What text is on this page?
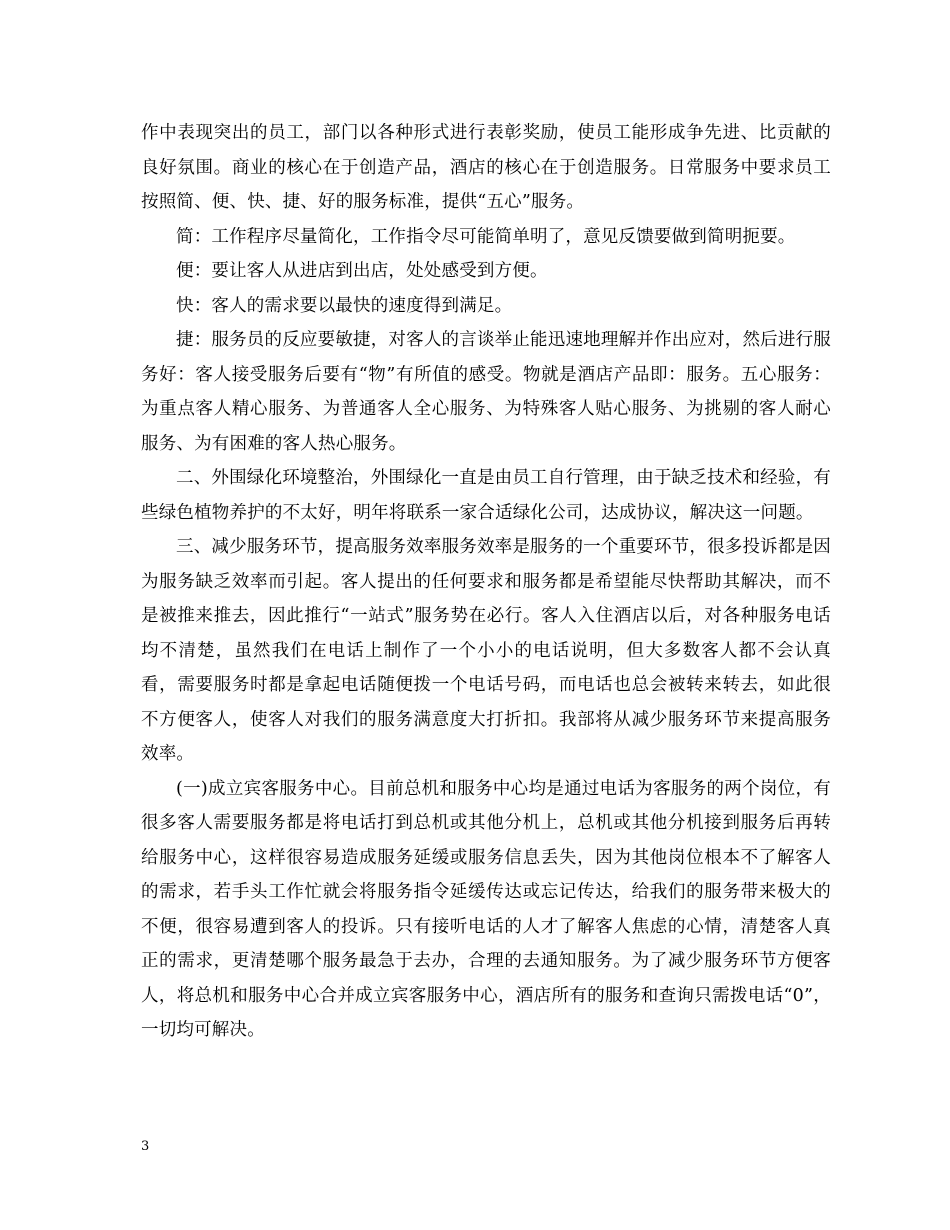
作中表现突出的员工，部门以各种形式进行表彰奖励，使员工能形成争先进、比贡献的良好氛围。商业的核心在于创造产品，酒店的核心在于创造服务。日常服务中要求员工按照简、便、快、捷、好的服务标准，提供“五心”服务。

简：工作程序尽量简化，工作指令尽可能简单明了，意见反馈要做到简明扼要。

便：要让客人从进店到出店，处处感受到方便。

快：客人的需求要以最快的速度得到满足。

捷：服务员的反应要敏捷，对客人的言谈举止能迅速地理解并作出应对，然后进行服务好：客人接受服务后要有“物”有所值的感受。物就是酒店产品即：服务。五心服务：为重点客人精心服务、为普通客人全心服务、为特殊客人贴心服务、为挑剔的客人耐心服务、为有困难的客人热心服务。

二、外围绿化环境整治，外围绿化一直是由员工自行管理，由于缺乏技术和经验，有些绿色植物养护的不太好，明年将联系一家合适绿化公司，达成协议，解决这一问题。

三、减少服务环节，提高服务效率服务效率是服务的一个重要环节，很多投诉都是因为服务缺乏效率而引起。客人提出的任何要求和服务都是希望能尽快帮助其解决，而不是被推来推去，因此推行“一站式”服务势在必行。客人入住酒店以后，对各种服务电话均不清楚，虽然我们在电话上制作了一个小小的电话说明，但大多数客人都不会认真看，需要服务时都是拿起电话随便拨一个电话号码，而电话也总会被转来转去，如此很不方便客人，使客人对我们的服务满意度大打折扣。我部将从减少服务环节来提高服务效率。

(一)成立宾客服务中心。目前总机和服务中心均是通过电话为客服务的两个岗位，有很多客人需要服务都是将电话打到总机或其他分机上，总机或其他分机接到服务后再转给服务中心，这样很容易造成服务延缓或服务信息丢失，因为其他岗位根本不了解客人的需求，若手头工作忙就会将服务指令延缓传达或忘记传达，给我们的服务带来极大的不便，很容易遭到客人的投诉。只有接听电话的人才了解客人焦虑的心情，清楚客人真正的需求，更清楚哪个服务最急于去办，合理的去通知服务。为了减少服务环节方便客人，将总机和服务中心合并成立宾客服务中心，酒店所有的服务和查询只需拨电话“0”，一切均可解决。

3
